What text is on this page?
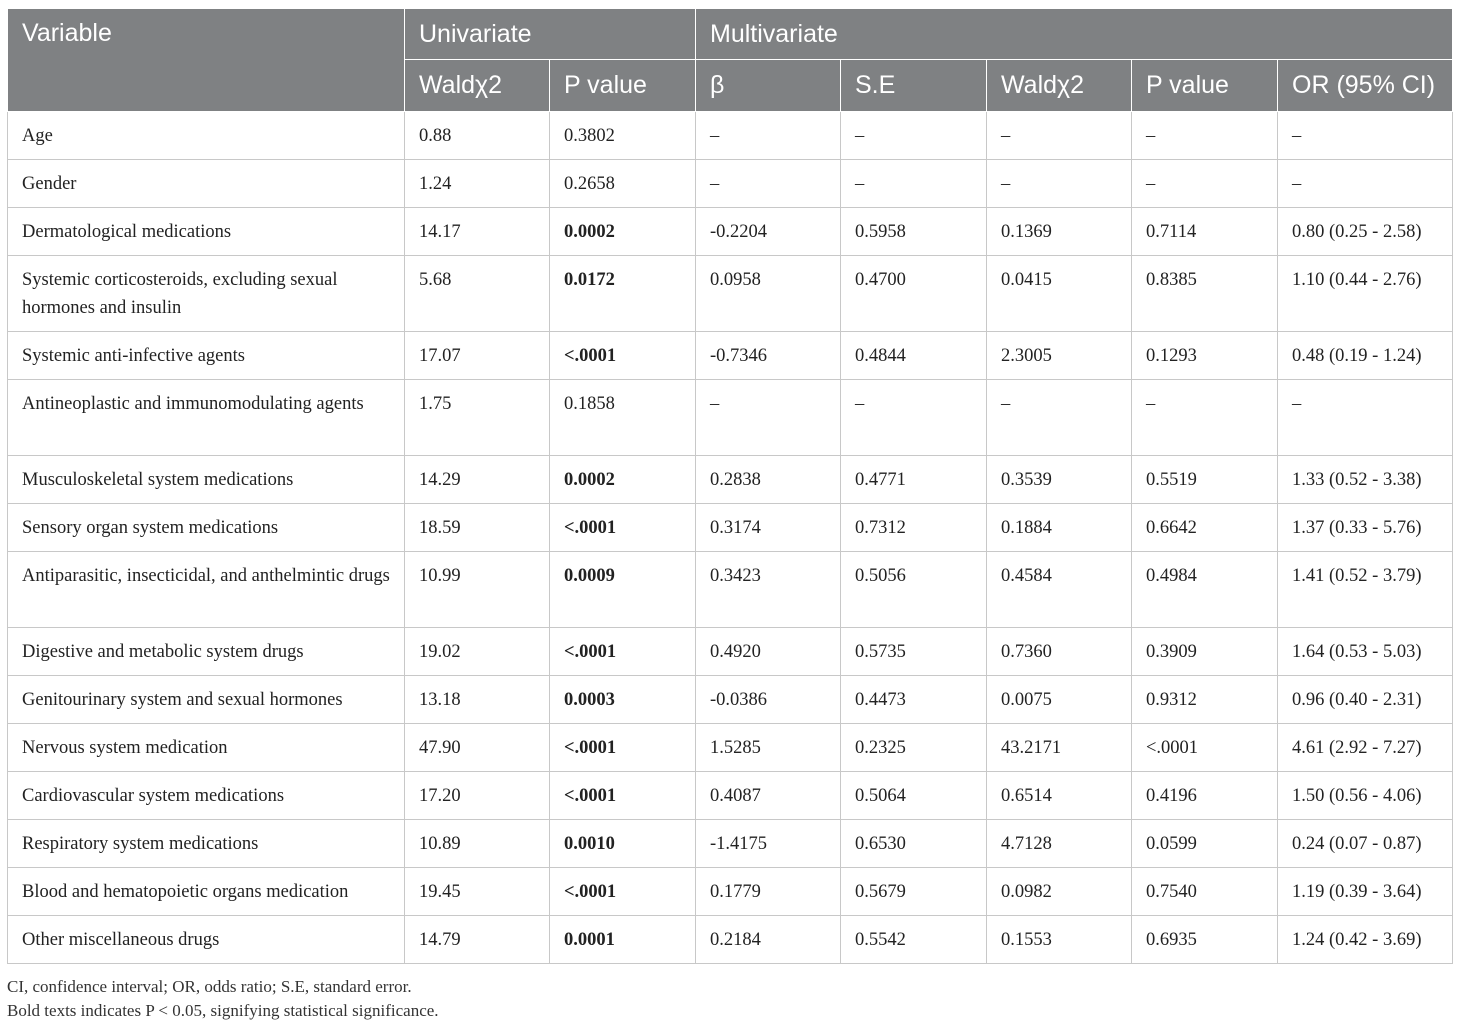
Variable	Univariate		Multivariate				
	Waldχ2	P value	β	S.E	Waldχ2	P value	OR (95% CI)
Age	0.88	0.3802	–	–	–	–	–
Gender	1.24	0.2658	–	–	–	–	–
Dermatological medications	14.17	0.0002	-0.2204	0.5958	0.1369	0.7114	0.80 (0.25 - 2.58)
Systemic corticosteroids, excluding sexual hormones and insulin	5.68	0.0172	0.0958	0.4700	0.0415	0.8385	1.10 (0.44 - 2.76)
Systemic anti-infective agents	17.07	<.0001	-0.7346	0.4844	2.3005	0.1293	0.48 (0.19 - 1.24)
Antineoplastic and immunomodulating agents	1.75	0.1858	–	–	–	–	–
Musculoskeletal system medications	14.29	0.0002	0.2838	0.4771	0.3539	0.5519	1.33 (0.52 - 3.38)
Sensory organ system medications	18.59	<.0001	0.3174	0.7312	0.1884	0.6642	1.37 (0.33 - 5.76)
Antiparasitic, insecticidal, and anthelmintic drugs	10.99	0.0009	0.3423	0.5056	0.4584	0.4984	1.41 (0.52 - 3.79)
Digestive and metabolic system drugs	19.02	<.0001	0.4920	0.5735	0.7360	0.3909	1.64 (0.53 - 5.03)
Genitourinary system and sexual hormones	13.18	0.0003	-0.0386	0.4473	0.0075	0.9312	0.96 (0.40 - 2.31)
Nervous system medication	47.90	<.0001	1.5285	0.2325	43.2171	<.0001	4.61 (2.92 - 7.27)
Cardiovascular system medications	17.20	<.0001	0.4087	0.5064	0.6514	0.4196	1.50 (0.56 - 4.06)
Respiratory system medications	10.89	0.0010	-1.4175	0.6530	4.7128	0.0599	0.24 (0.07 - 0.87)
Blood and hematopoietic organs medication	19.45	<.0001	0.1779	0.5679	0.0982	0.7540	1.19 (0.39 - 3.64)
Other miscellaneous drugs	14.79	0.0001	0.2184	0.5542	0.1553	0.6935	1.24 (0.42 - 3.69)
CI, confidence interval; OR, odds ratio; S.E, standard error.
Bold texts indicates P < 0.05, signifying statistical significance.
